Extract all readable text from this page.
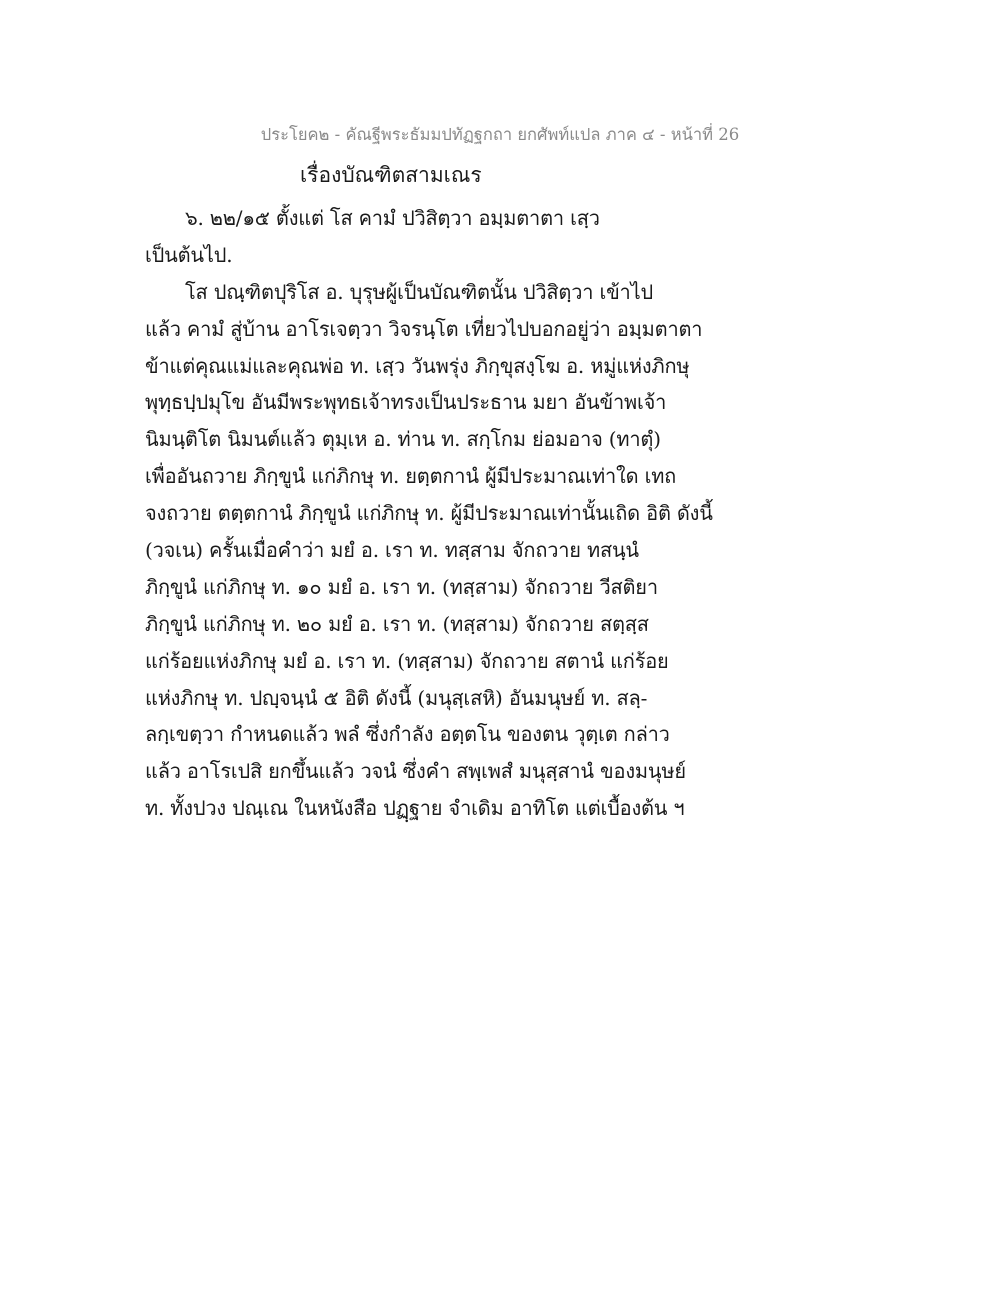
ประโยค๒ - คัณฐีพระธัมมปทัฏฐกถา ยกศัพท์แปล ภาค ๔ - หน้าที่ 26
เรื่องบัณฑิตสามเณร
๖. ๒๒/๑๕ ตั้งแต่ โส คามํ ปวิสิตฺวา อมฺมตาตา เสฺว
เป็นต้นไป.
โส ปณฺฑิตปุริโส อ. บุรุษผู้เป็นบัณฑิตนั้น ปวิสิตฺวา เข้าไป
แล้ว คามํ สู่บ้าน อาโรเจตฺวา วิจรนฺโต เที่ยวไปบอกอยู่ว่า อมฺมตาตา
ข้าแต่คุณแม่และคุณพ่อ ท. เสฺว วันพรุ่ง ภิกฺขุสงฺโฆ อ. หมู่แห่งภิกษุ
พุทฺธปฺปมุโข อันมีพระพุทธเจ้าทรงเป็นประธาน มยา อันข้าพเจ้า
นิมนฺติโต นิมนต์แล้ว ตุมฺเห อ. ท่าน ท. สกฺโกม ย่อมอาจ (ทาตุํ)
เพื่ออันถวาย ภิกฺขูนํ แก่ภิกษุ ท. ยตฺตกานํ ผู้มีประมาณเท่าใด เทถ
จงถวาย ตตฺตกานํ ภิกฺขูนํ แก่ภิกษุ ท. ผู้มีประมาณเท่านั้นเถิด อิติ ดังนี้
(วจเน) ครั้นเมื่อคำว่า มยํ อ. เรา ท. ทสฺสาม จักถวาย ทสนฺนํ
ภิกฺขูนํ แก่ภิกษุ ท. ๑๐ มยํ อ. เรา ท. (ทสฺสาม) จักถวาย วีสติยา
ภิกฺขูนํ แก่ภิกษุ ท. ๒๐ มยํ อ. เรา ท. (ทสฺสาม) จักถวาย สตฺสฺส
แก่ร้อยแห่งภิกษุ มยํ อ. เรา ท. (ทสฺสาม) จักถวาย สตานํ แก่ร้อย
แห่งภิกษุ ท. ปญฺจนฺนํ ๕ อิติ ดังนี้ (มนุสฺเสหิ) อันมนุษย์ ท. สลฺ-
ลกฺเขตฺวา กำหนดแล้ว พลํ ซึ่งกำลัง อตฺตโน ของตน วุตฺเต กล่าว
แล้ว อาโรเปสิ ยกขึ้นแล้ว วจนํ ซึ่งคำ สพฺเพสํ มนุสฺสานํ ของมนุษย์
ท. ทั้งปวง ปณฺเณ ในหนังสือ ปฏฺฐาย จำเดิม อาทิโต แต่เบื้องต้น ฯ
